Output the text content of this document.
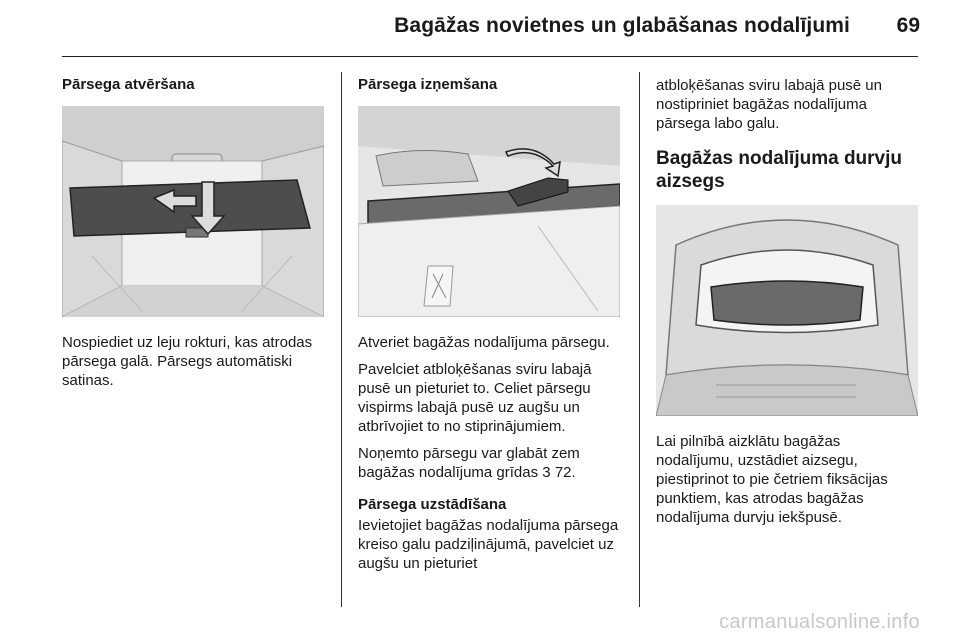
Bagāžas novietnes un glabāšanas nodalījumi 69
Pārsega atvēršana

Nospiediet uz leju rokturi, kas atrodas pārsega galā. Pārsegs automātiski satinas.

Pārsega izņemšana

Atveriet bagāžas nodalījuma pārsegu.

Pavelciet atbloķēšanas sviru labajā pusē un pieturiet to. Celiet pārsegu vispirms labajā pusē uz augšu un atbrīvojiet to no stiprinājumiem.

Noņemto pārsegu var glabāt zem bagāžas nodalījuma grīdas 3 72.

Pārsega uzstādīšana

Ievietojiet bagāžas nodalījuma pārsega kreiso galu padziļinājumā, pavelciet uz augšu un pieturiet

atbloķēšanas sviru labajā pusē un nostipriniet bagāžas nodalījuma pārsega labo galu.

Bagāžas nodalījuma durvju aizsegs

Lai pilnībā aizklātu bagāžas nodalījumu, uzstādiet aizsegu, piestiprinot to pie četriem fiksācijas punktiem, kas atrodas bagāžas nodalījuma durvju iekšpusē.

carmanualsonline.info
